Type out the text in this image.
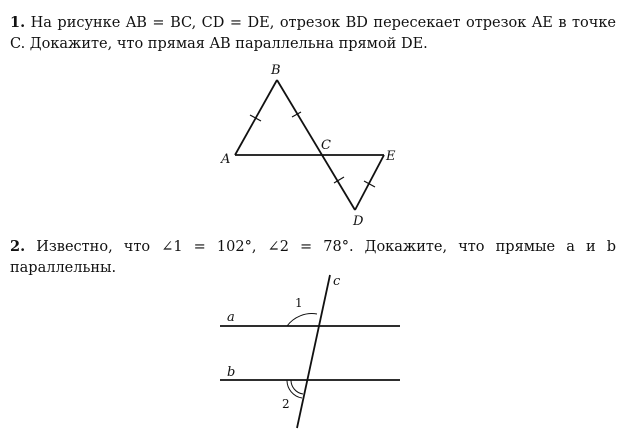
1. На рисунке AB = BC, CD = DE, отрезок BD пересекает отрезок AE в точке C. Докажите, что прямая AB параллельна прямой DE.

B
A
C
E
D
c
a
b
1
2

2. Известно, что ∠1 = 102°, ∠2 = 78°. Докажите, что прямые a и b параллельны.
